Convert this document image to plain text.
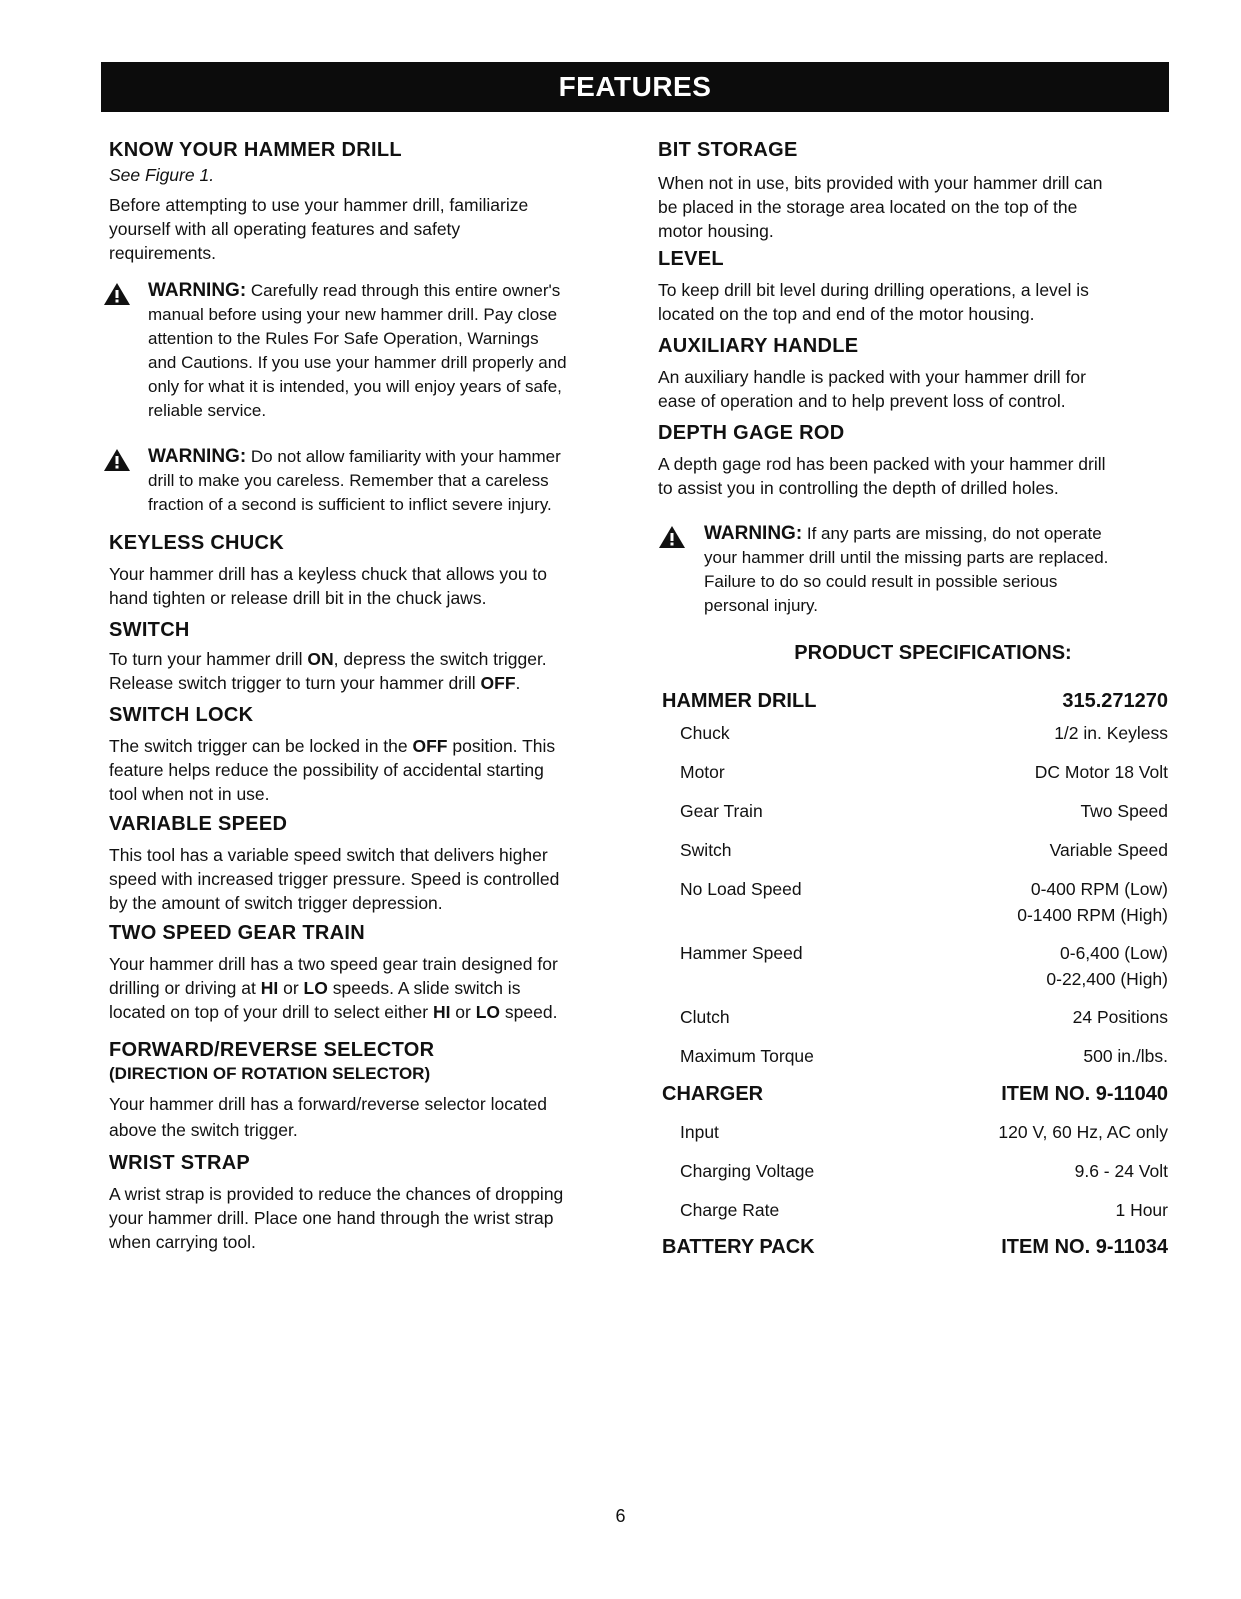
FEATURES
KNOW YOUR HAMMER DRILL

See Figure 1.

Before attempting to use your hammer drill, familiarize
yourself with all operating features and safety
requirements.

WARNING: Carefully read through this entire owner's
manual before using your new hammer drill. Pay close
attention to the Rules For Safe Operation, Warnings
and Cautions. If you use your hammer drill properly and
only for what it is intended, you will enjoy years of safe,
reliable service.
WARNING: Do not allow familiarity with your hammer
drill to make you careless. Remember that a careless
fraction of a second is sufficient to inflict severe injury.
KEYLESS CHUCK

Your hammer drill has a keyless chuck that allows you to
hand tighten or release drill bit in the chuck jaws.

SWITCH

To turn your hammer drill ON, depress the switch trigger.
Release switch trigger to turn your hammer drill OFF.

SWITCH LOCK

The switch trigger can be locked in the OFF position. This
feature helps reduce the possibility of accidental starting
tool when not in use.

VARIABLE SPEED

This tool has a variable speed switch that delivers higher
speed with increased trigger pressure. Speed is controlled
by the amount of switch trigger depression.

TWO SPEED GEAR TRAIN

Your hammer drill has a two speed gear train designed for
drilling or driving at HI or LO speeds. A slide switch is
located on top of your drill to select either HI or LO speed.

FORWARD/REVERSE SELECTOR
(DIRECTION OF ROTATION SELECTOR)

Your hammer drill has a forward/reverse selector located
above the switch trigger.

WRIST STRAP

A wrist strap is provided to reduce the chances of dropping
your hammer drill. Place one hand through the wrist strap
when carrying tool.

BIT STORAGE

When not in use, bits provided with your hammer drill can
be placed in the storage area located on the top of the
motor housing.

LEVEL

To keep drill bit level during drilling operations, a level is
located on the top and end of the motor housing.

AUXILIARY HANDLE

An auxiliary handle is packed with your hammer drill for
ease of operation and to help prevent loss of control.

DEPTH GAGE ROD

A depth gage rod has been packed with your hammer drill
to assist you in controlling the depth of drilled holes.

WARNING: If any parts are missing, do not operate
your hammer drill until the missing parts are replaced.
Failure to do so could result in possible serious
personal injury.
PRODUCT SPECIFICATIONS:
HAMMER DRILL	315.271270
Chuck	1/2 in. Keyless
Motor	DC Motor 18 Volt
Gear Train	Two Speed
Switch	Variable Speed
No Load Speed	0-400 RPM (Low)
0-1400 RPM (High)
Hammer Speed	0-6,400 (Low)
0-22,400 (High)
Clutch	24 Positions
Maximum Torque	500 in./lbs.
CHARGER	ITEM NO. 9-11040
Input	120 V, 60 Hz, AC only
Charging Voltage	9.6 - 24 Volt
Charge Rate	1 Hour
BATTERY PACK	ITEM NO. 9-11034
6
